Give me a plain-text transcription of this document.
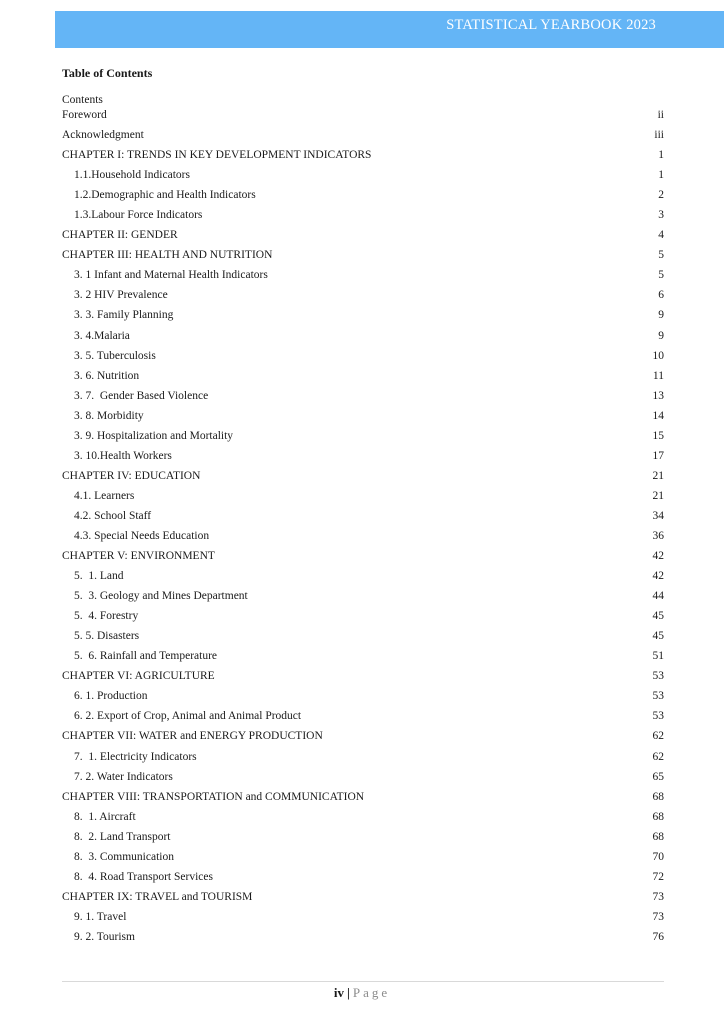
STATISTICAL YEARBOOK 2023
Table of Contents
Contents
Foreword	ii
Acknowledgment	iii
CHAPTER I: TRENDS IN KEY DEVELOPMENT INDICATORS	1
1.1.Household Indicators	1
1.2.Demographic and Health Indicators	2
1.3.Labour Force Indicators	3
CHAPTER II: GENDER	4
CHAPTER III: HEALTH AND NUTRITION	5
3. 1 Infant and Maternal Health Indicators	5
3. 2 HIV Prevalence	6
3. 3. Family Planning	9
3. 4.Malaria	9
3. 5. Tuberculosis	10
3. 6. Nutrition	11
3. 7.  Gender Based Violence	13
3. 8. Morbidity	14
3. 9. Hospitalization and Mortality	15
3. 10.Health Workers	17
CHAPTER IV: EDUCATION	21
4.1. Learners	21
4.2. School Staff	34
4.3. Special Needs Education	36
CHAPTER V: ENVIRONMENT	42
5.  1. Land	42
5.  3. Geology and Mines Department	44
5.  4. Forestry	45
5. 5. Disasters	45
5.  6. Rainfall and Temperature	51
CHAPTER VI: AGRICULTURE	53
6. 1. Production	53
6. 2. Export of Crop, Animal and Animal Product	53
CHAPTER VII: WATER and ENERGY PRODUCTION	62
7.  1. Electricity Indicators	62
7. 2. Water Indicators	65
CHAPTER VIII: TRANSPORTATION and COMMUNICATION	68
8.  1. Aircraft	68
8.  2. Land Transport	68
8.  3. Communication	70
8.  4. Road Transport Services	72
CHAPTER IX: TRAVEL and TOURISM	73
9. 1. Travel	73
9. 2. Tourism	76
iv | Page
